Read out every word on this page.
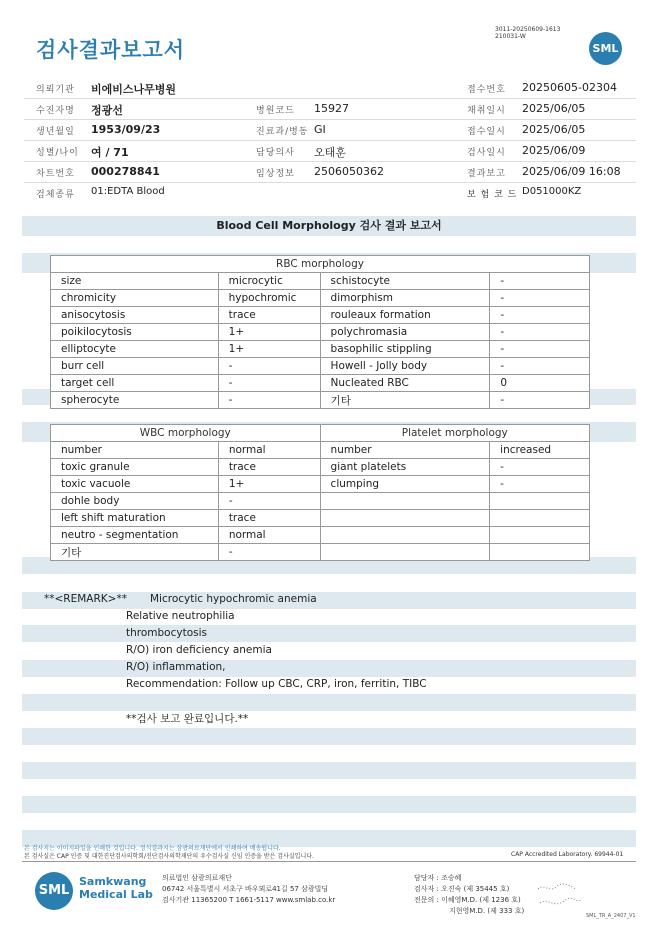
검사결과보고서
3011-20250609-1613
210031-W
SML
의뢰기관 비에비스나무병원	접수번호 20250605-02304
수진자명 정광선	병원코드 15927	채취일시 2025/06/05
생년월일 1953/09/23	진료과/병동 GI	접수일시 2025/06/05
성별/나이 여 / 71	담당의사 오태훈	검사일시 2025/06/09
차트번호 000278841	임상정보 2506050362	결과보고 2025/06/09 16:08
검체종류 01:EDTA Blood	보 험 코 드 D051000KZ
Blood Cell Morphology 검사 결과 보고서
RBC morphology			
size	microcytic	schistocyte	-
chromicity	hypochromic	dimorphism	-
anisocytosis	trace	rouleaux formation	-
poikilocytosis	1+	polychromasia	-
elliptocyte	1+	basophilic stippling	-
burr cell	-	Howell - Jolly body	-
target cell	-	Nucleated RBC	0
spherocyte	-	기타	-
WBC morphology		Platelet morphology	
number	normal	number	increased
toxic granule	trace	giant platelets	-
toxic vacuole	1+	clumping	-
dohle body	-		
left shift maturation	trace		
neutro - segmentation	normal		
기타	-		
**<REMARK>** Microcytic hypochromic anemia
Relative neutrophilia
thrombocytosis
R/O) iron deficiency anemia
R/O) inflammation,
Recommendation: Follow up CBC, CRP, iron, ferritin, TIBC
**검사 보고 완료입니다.**
본 검사지는 이미지파일을 인쇄한 것입니다. 정식결과지는 삼광의료재단에서 인쇄하여 배송됩니다.
본 검사실은 CAP 인증 및 대한진단검사의학회/진단검사의학재단의 우수검사실 신임 인증을 받은 검사실입니다.	CAP Accredited Laboratory. 69944-01
SML
Samkwang
Medical Lab
의료법인 삼광의료재단
06742 서울특별시 서초구 바우뫼로41길 57 삼광빌딩
검사기관 11365200 T 1661-5117 www.smlab.co.kr
담당자 : 조승혜
검사자 : 오진숙 (제 35445 호)
전문의 : 이혜영M.D. (제 1236 호)
지현영M.D. (제 333 호)
SML_TR_A_2407_V1
